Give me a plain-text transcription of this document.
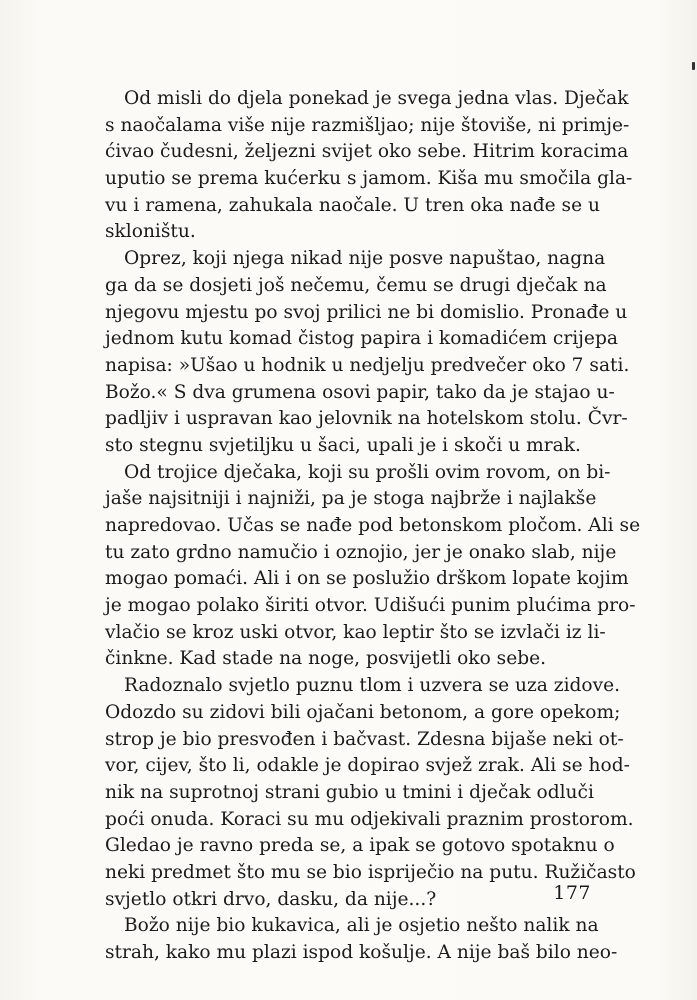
Od misli do djela ponekad je svega jedna vlas. Dječak
s naočalama više nije razmišljao; nije štoviše, ni primje-
ćivao čudesni, željezni svijet oko sebe. Hitrim koracima
uputio se prema kućerku s jamom. Kiša mu smočila gla-
vu i ramena, zahukala naočale. U tren oka nađe se u
skloništu.
Oprez, koji njega nikad nije posve napuštao, nagna
ga da se dosjeti još nečemu, čemu se drugi dječak na
njegovu mjestu po svoj prilici ne bi domislio. Pronađe u
jednom kutu komad čistog papira i komadićem crijepa
napisa: »Ušao u hodnik u nedjelju predvečer oko 7 sati.
Božo.« S dva grumena osovi papir, tako da je stajao u-
padljiv i uspravan kao jelovnik na hotelskom stolu. Čvr-
sto stegnu svjetiljku u šaci, upali je i skoči u mrak.
Od trojice dječaka, koji su prošli ovim rovom, on bi-
jaše najsitniji i najniži, pa je stoga najbrže i najlakše
napredovao. Učas se nađe pod betonskom pločom. Ali se
tu zato grdno namučio i oznojio, jer je onako slab, nije
mogao pomaći. Ali i on se poslužio drškom lopate kojim
je mogao polako širiti otvor. Udišući punim plućima pro-
vlačio se kroz uski otvor, kao leptir što se izvlači iz li-
činkne. Kad stade na noge, posvijetli oko sebe.
Radoznalo svjetlo puznu tlom i uzvera se uza zidove.
Odozdo su zidovi bili ojačani betonom, a gore opekom;
strop je bio presvođen i bačvast. Zdesna bijaše neki ot-
vor, cijev, što li, odakle je dopirao svjež zrak. Ali se hod-
nik na suprotnoj strani gubio u tmini i dječak odluči
poći onuda. Koraci su mu odjekivali praznim prostorom.
Gledao je ravno preda se, a ipak se gotovo spotaknu o
neki predmet što mu se bio ispriječio na putu. Ružičasto
svjetlo otkri drvo, dasku, da nije...?
Božo nije bio kukavica, ali je osjetio nešto nalik na
strah, kako mu plazi ispod košulje. A nije baš bilo neo-
177
